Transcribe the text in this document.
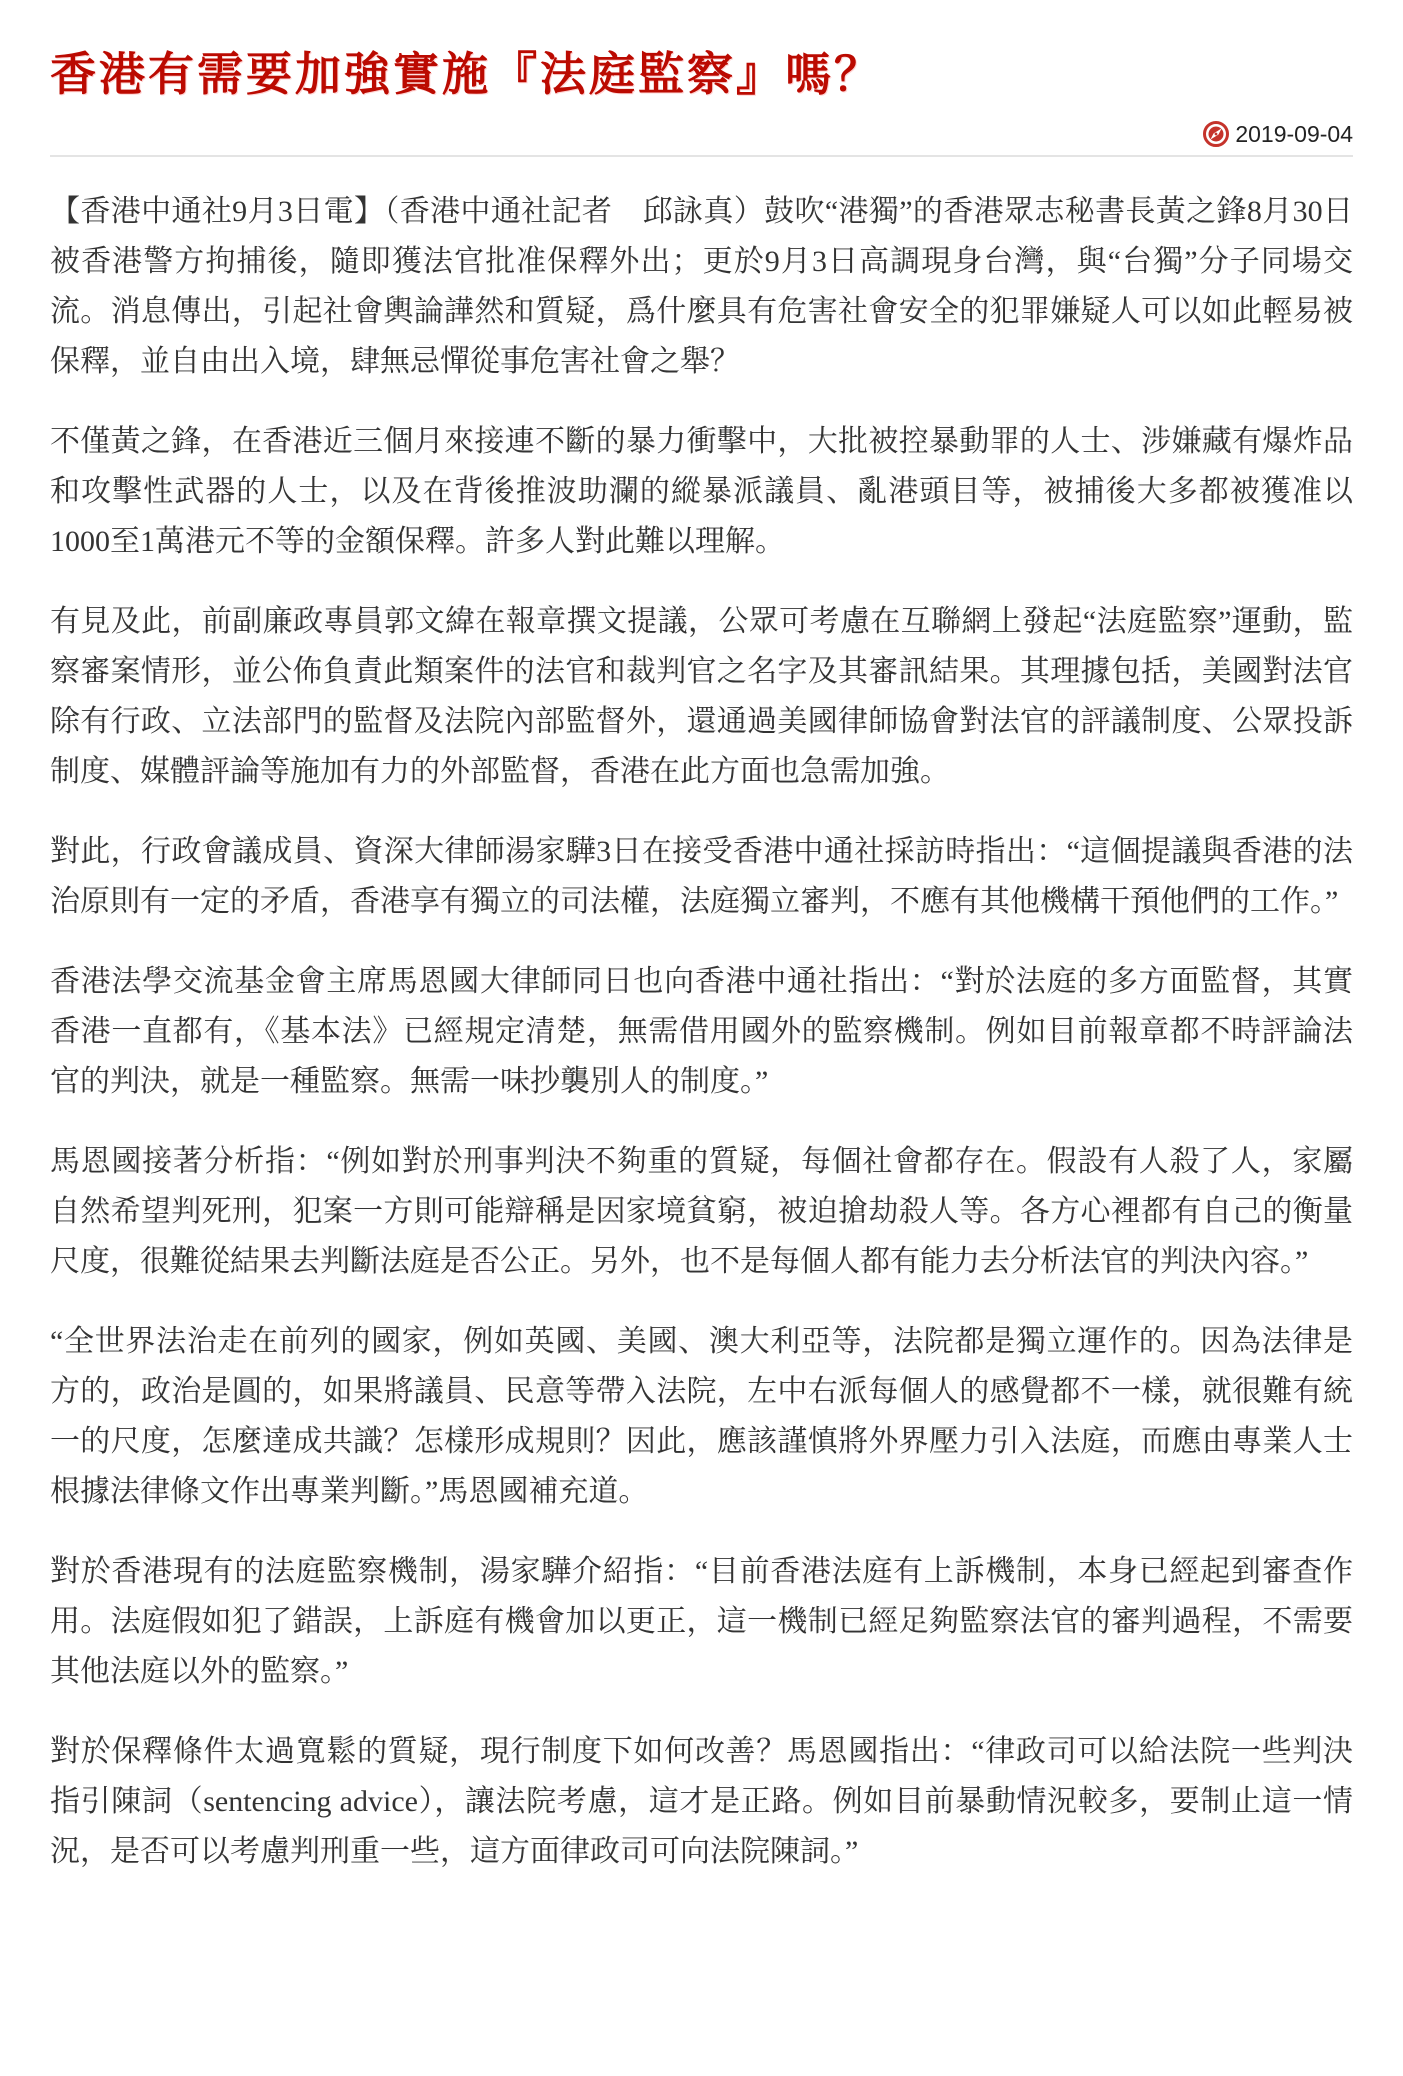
香港有需要加強實施『法庭監察』嗎？
2019-09-04

【香港中通社9月3日電】（香港中通社記者　邱詠真）鼓吹“港獨”的香港眾志秘書長黃之鋒8月30日被香港警方拘捕後，隨即獲法官批准保釋外出；更於9月3日高調現身台灣，與“台獨”分子同場交流。消息傳出，引起社會輿論譁然和質疑，爲什麼具有危害社會安全的犯罪嫌疑人可以如此輕易被保釋，並自由出入境，肆無忌憚從事危害社會之舉？

不僅黃之鋒，在香港近三個月來接連不斷的暴力衝擊中，大批被控暴動罪的人士、涉嫌藏有爆炸品和攻擊性武器的人士，以及在背後推波助瀾的縱暴派議員、亂港頭目等，被捕後大多都被獲准以1000至1萬港元不等的金額保釋。許多人對此難以理解。

有見及此，前副廉政專員郭文緯在報章撰文提議，公眾可考慮在互聯網上發起“法庭監察”運動，監察審案情形，並公佈負責此類案件的法官和裁判官之名字及其審訊結果。其理據包括，美國對法官除有行政、立法部門的監督及法院內部監督外，還通過美國律師協會對法官的評議制度、公眾投訴制度、媒體評論等施加有力的外部監督，香港在此方面也急需加強。

對此，行政會議成員、資深大律師湯家驊3日在接受香港中通社採訪時指出：“這個提議與香港的法治原則有一定的矛盾，香港享有獨立的司法權，法庭獨立審判，不應有其他機構干預他們的工作。”

香港法學交流基金會主席馬恩國大律師同日也向香港中通社指出：“對於法庭的多方面監督，其實香港一直都有，《基本法》已經規定清楚，無需借用國外的監察機制。例如目前報章都不時評論法官的判決，就是一種監察。無需一味抄襲別人的制度。”

馬恩國接著分析指：“例如對於刑事判決不夠重的質疑，每個社會都存在。假設有人殺了人，家屬自然希望判死刑，犯案一方則可能辯稱是因家境貧窮，被迫搶劫殺人等。各方心裡都有自己的衡量尺度，很難從結果去判斷法庭是否公正。另外，也不是每個人都有能力去分析法官的判決內容。”

“全世界法治走在前列的國家，例如英國、美國、澳大利亞等，法院都是獨立運作的。因為法律是方的，政治是圓的，如果將議員、民意等帶入法院，左中右派每個人的感覺都不一樣，就很難有統一的尺度，怎麼達成共識？怎樣形成規則？因此，應該謹慎將外界壓力引入法庭，而應由專業人士根據法律條文作出專業判斷。”馬恩國補充道。

對於香港現有的法庭監察機制，湯家驊介紹指：“目前香港法庭有上訴機制，本身已經起到審查作用。法庭假如犯了錯誤，上訴庭有機會加以更正，這一機制已經足夠監察法官的審判過程，不需要其他法庭以外的監察。”

對於保釋條件太過寬鬆的質疑，現行制度下如何改善？馬恩國指出：“律政司可以給法院一些判決指引陳詞（sentencing advice），讓法院考慮，這才是正路。例如目前暴動情況較多，要制止這一情況，是否可以考慮判刑重一些，這方面律政司可向法院陳詞。”
